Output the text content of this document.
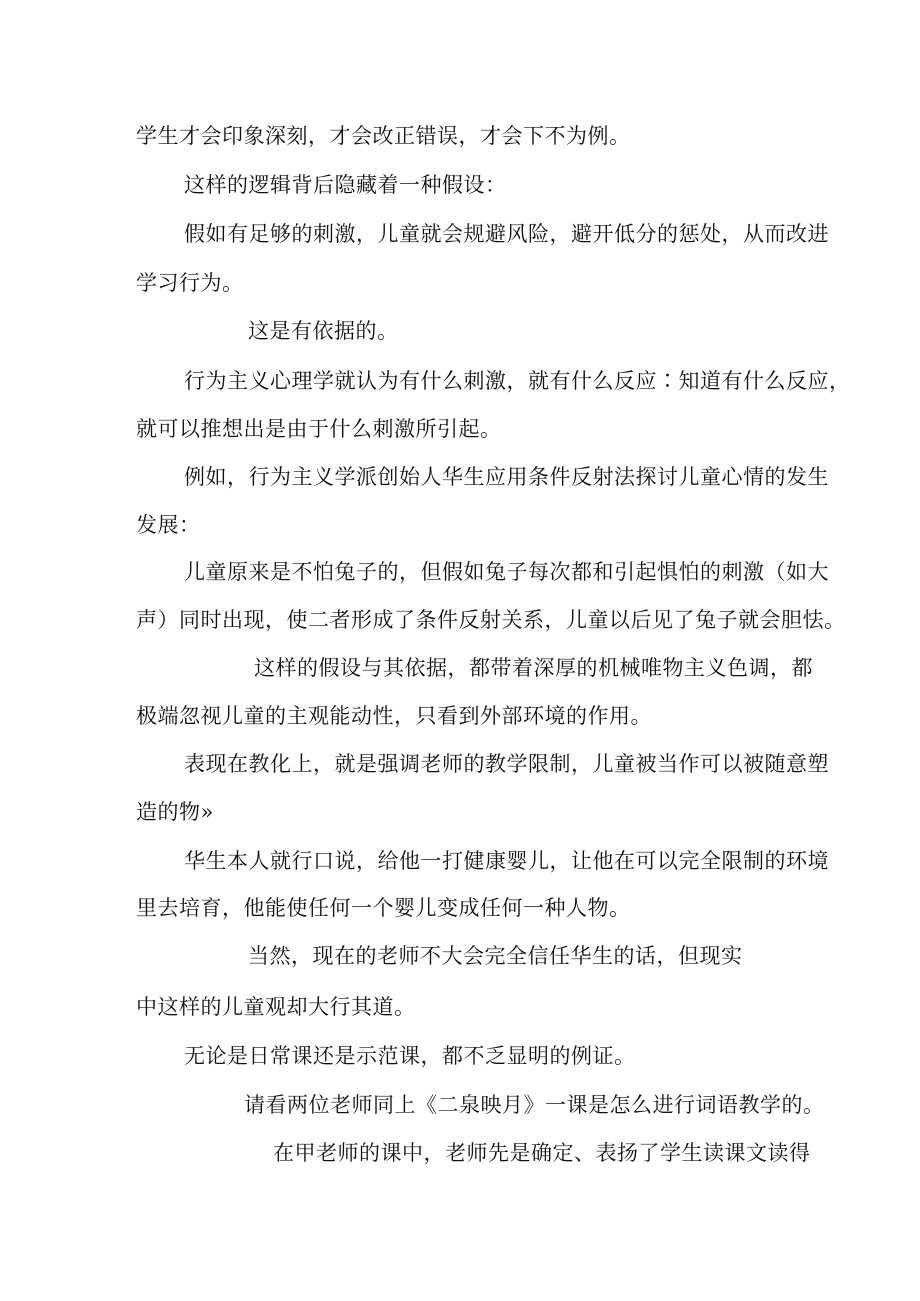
学生才会印象深刻，才会改正错误，才会下不为例。
这样的逻辑背后隐藏着一种假设：
假如有足够的刺激，儿童就会规避风险，避开低分的惩处，从而改进
学习行为。
这是有依据的。
行为主义心理学就认为有什么刺激，就有什么反应∶知道有什么反应，
就可以推想出是由于什么刺激所引起。
例如，行为主义学派创始人华生应用条件反射法探讨儿童心情的发生
发展：
儿童原来是不怕兔子的，但假如兔子每次都和引起惧怕的刺激（如大
声）同时出现，使二者形成了条件反射关系，儿童以后见了兔子就会胆怯。
这样的假设与其依据，都带着深厚的机械唯物主义色调，都
极端忽视儿童的主观能动性，只看到外部环境的作用。
表现在教化上，就是强调老师的教学限制，儿童被当作可以被随意塑
造的物»
华生本人就行口说，给他一打健康婴儿，让他在可以完全限制的环境
里去培育，他能使任何一个婴儿变成任何一种人物。
当然，现在的老师不大会完全信任华生的话，但现实
中这样的儿童观却大行其道。
无论是日常课还是示范课，都不乏显明的例证。
请看两位老师同上《二泉映月》一课是怎么进行词语教学的。
在甲老师的课中，老师先是确定、表扬了学生读课文读得
